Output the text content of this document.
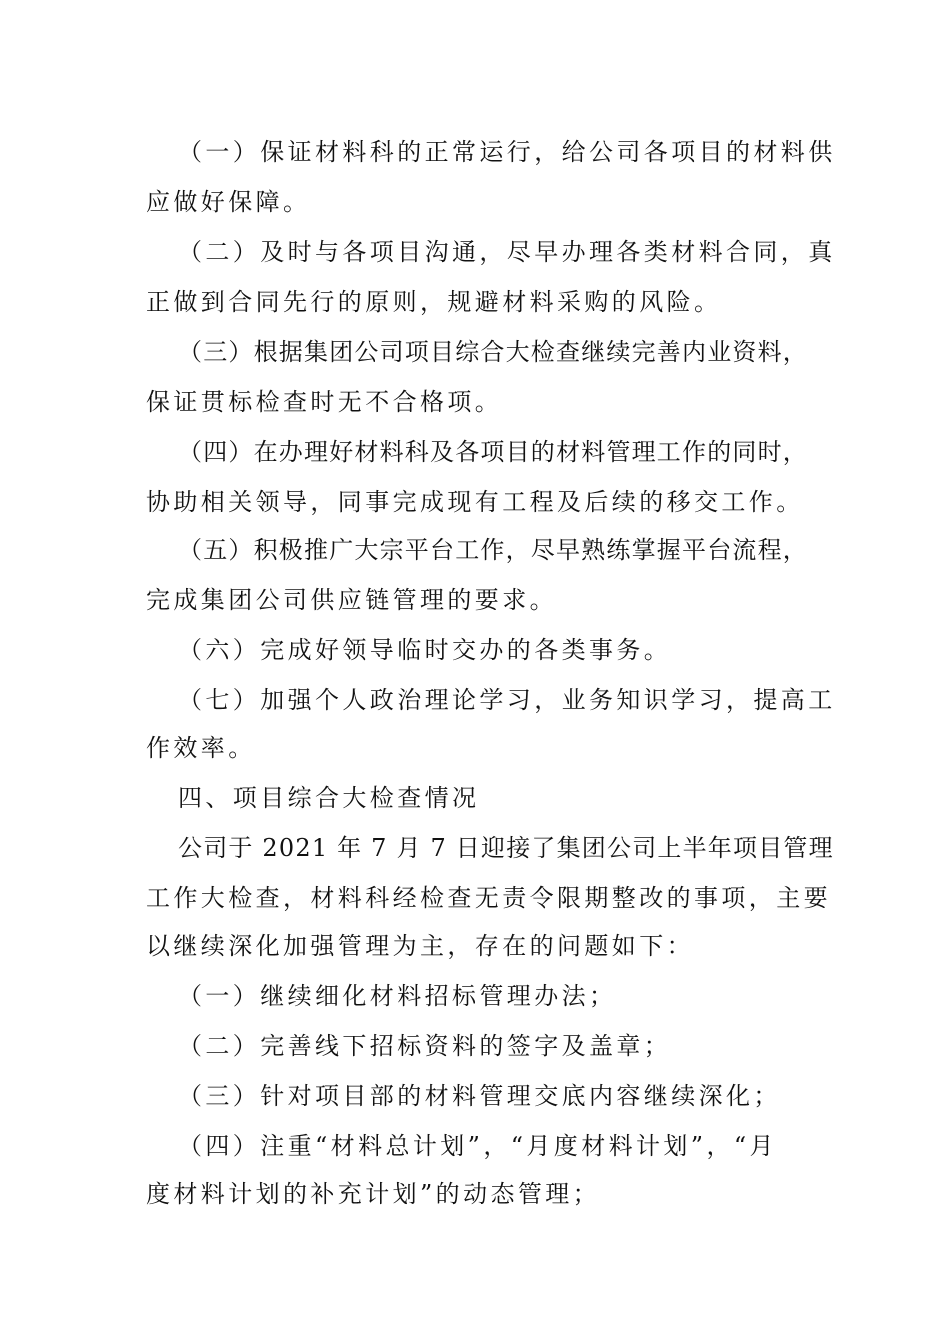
（一）保证材料科的正常运行，给公司各项目的材料供
应做好保障。
（二）及时与各项目沟通，尽早办理各类材料合同，真
正做到合同先行的原则，规避材料采购的风险。
（三）根据集团公司项目综合大检查继续完善内业资料，
保证贯标检查时无不合格项。
（四）在办理好材料科及各项目的材料管理工作的同时，
协助相关领导，同事完成现有工程及后续的移交工作。
（五）积极推广大宗平台工作，尽早熟练掌握平台流程，
完成集团公司供应链管理的要求。
（六）完成好领导临时交办的各类事务。
（七）加强个人政治理论学习，业务知识学习，提高工
作效率。
四、项目综合大检查情况
公司于 2021 年 7 月 7 日迎接了集团公司上半年项目管理
工作大检查，材料科经检查无责令限期整改的事项，主要
以继续深化加强管理为主，存在的问题如下：
（一）继续细化材料招标管理办法；
（二）完善线下招标资料的签字及盖章；
（三）针对项目部的材料管理交底内容继续深化；
（四）注重“材料总计划”，“月度材料计划”，“月
度材料计划的补充计划”的动态管理；
